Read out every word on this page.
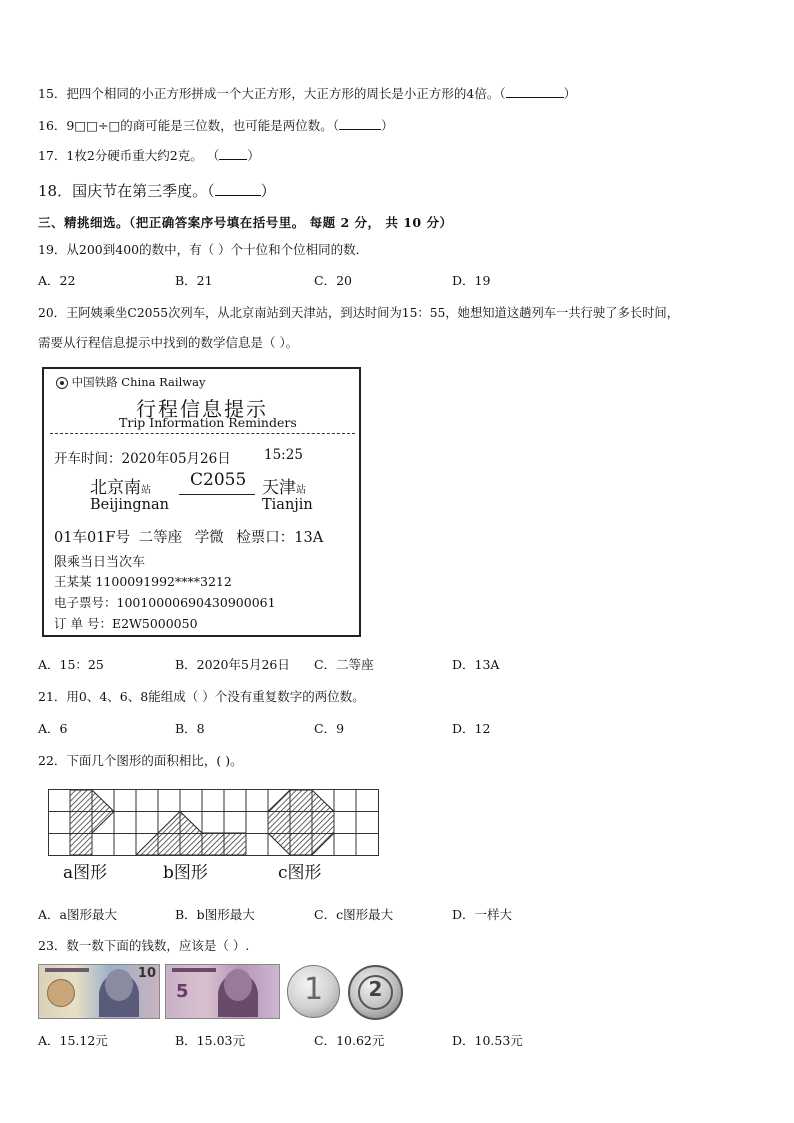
15．把四个相同的小正方形拼成一个大正方形，大正方形的周长是小正方形的4倍。（	）
16．9□□÷□的商可能是三位数，也可能是两位数。（	）
17．1枚2分硬币重大约2克。 （ ）
18．国庆节在第三季度。（	）
三、精挑细选。（把正确答案序号填在括号里。 每题 2 分， 共 10 分）
19．从200到400的数中，有（ ）个十位和个位相同的数．
A．22	B．21	C．20	D．19
20．王阿姨乘坐C2055次列车，从北京南站到天津站，到达时间为15：55，她想知道这趟列车一共行驶了多长时间，
需要从行程信息提示中找到的数学信息是（ ）。
中国铁路 China Railway
行程信息提示
Trip Information Reminders
开车时间：2020年05月26日 15:25
北京南站
Beijingnan
C2055 天津站
Tianjin
01车01F号 二等座 学微 检票口：13A
限乘当日当次车
王某某 1100091992****3212
电子票号：10010000690430900061
订 单 号：E2W5000050
A．15：25	B．2020年5月26日 C．二等座	D．13A
21．用0、4、6、8能组成（ ）个没有重复数字的两位数。
A．6	B．8	C．9	D．12
22．下面几个图形的面积相比，( )。
a图形	b图形	c图形
A．a图形最大	B．b图形最大	C．c图形最大	D．一样大
23．数一数下面的钱数，应该是（ ）.
10
5	1	2
A．15.12元	B．15.03元	C．10.62元	D．10.53元
